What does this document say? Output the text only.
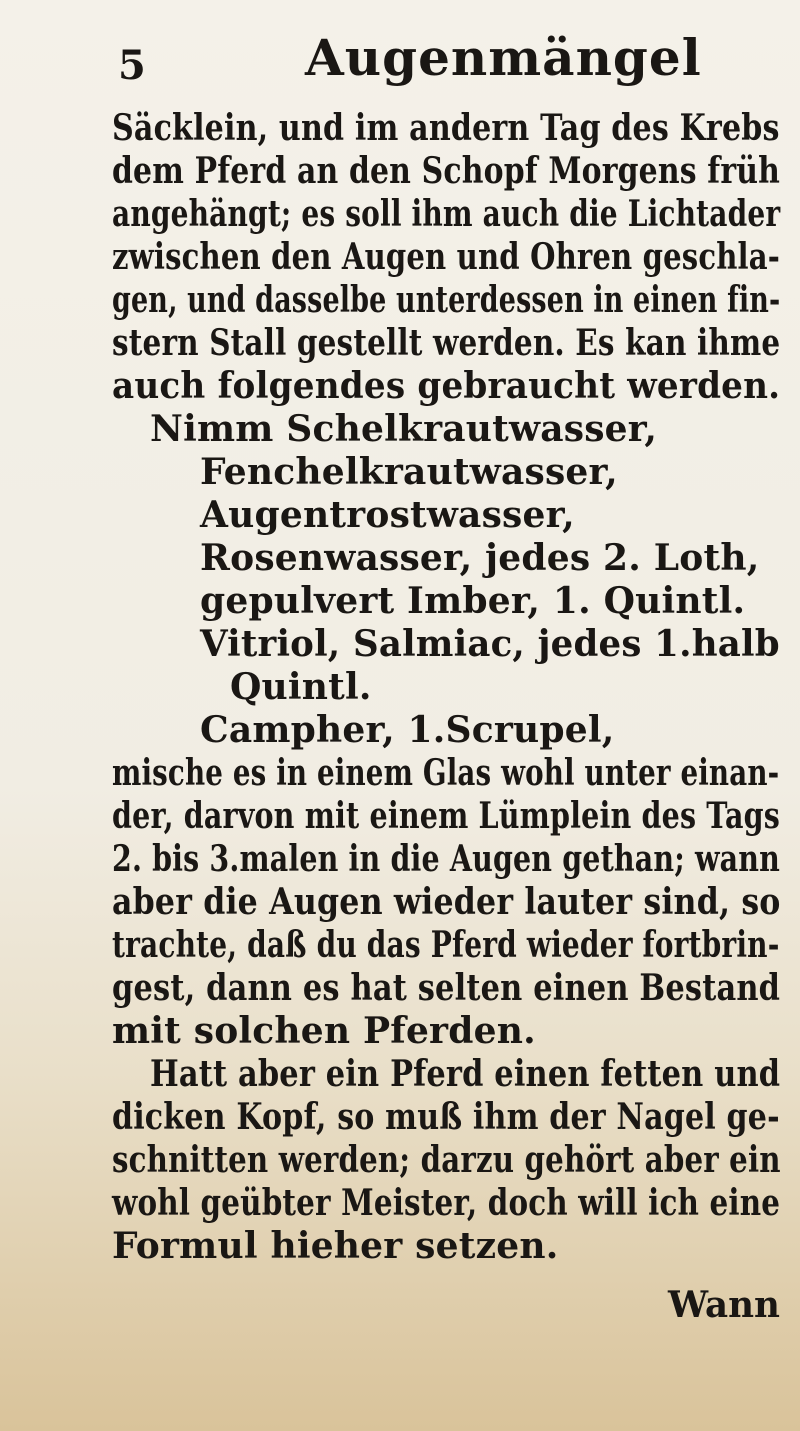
5	Augenmängel
Säcklein, und im andern Tag des Krebs
dem Pferd an den Schopf Morgens früh
angehängt; es soll ihm auch die Lichtader
zwischen den Augen und Ohren geschla-
gen, und dasselbe unterdessen in einen fin-
stern Stall gestellt werden. Es kan ihme
auch folgendes gebraucht werden.
Nimm Schelkrautwasser,
Fenchelkrautwasser,
Augentrostwasser,
Rosenwasser, jedes 2. Loth,
gepulvert Imber, 1. Quintl.
Vitriol, Salmiac, jedes 1.halb
Quintl.
Campher, 1.Scrupel,
mische es in einem Glas wohl unter einan-
der, darvon mit einem Lümplein des Tags
2. bis 3.malen in die Augen gethan; wann
aber die Augen wieder lauter sind, so
trachte, daß du das Pferd wieder fortbrin-
gest, dann es hat selten einen Bestand
mit solchen Pferden.
Hatt aber ein Pferd einen fetten und
dicken Kopf, so muß ihm der Nagel ge-
schnitten werden; darzu gehört aber ein
wohl geübter Meister, doch will ich eine
Formul hieher setzen.
Wann
